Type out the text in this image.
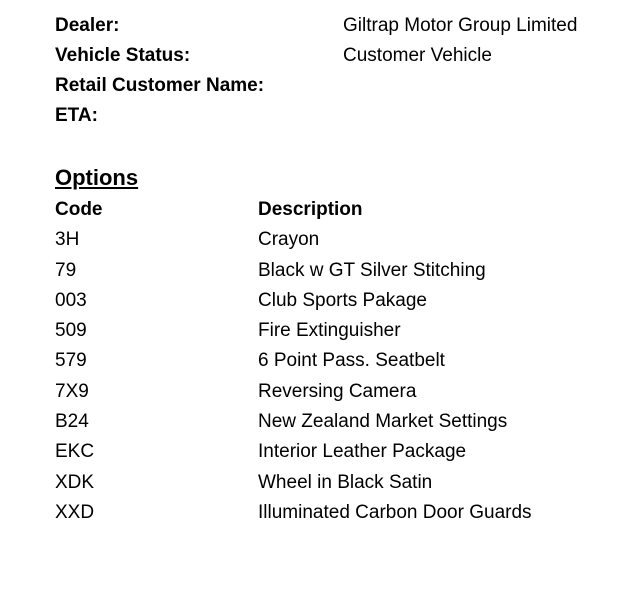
Dealer:	Giltrap Motor Group Limited
Vehicle Status:	Customer Vehicle
Retail Customer Name:
ETA:
Options
Code	Description
3H	Crayon
79	Black w GT Silver Stitching
003	Club Sports Pakage
509	Fire Extinguisher
579	6 Point Pass. Seatbelt
7X9	Reversing Camera
B24	New Zealand Market Settings
EKC	Interior Leather Package
XDK	Wheel in Black Satin
XXD	Illuminated Carbon Door Guards
